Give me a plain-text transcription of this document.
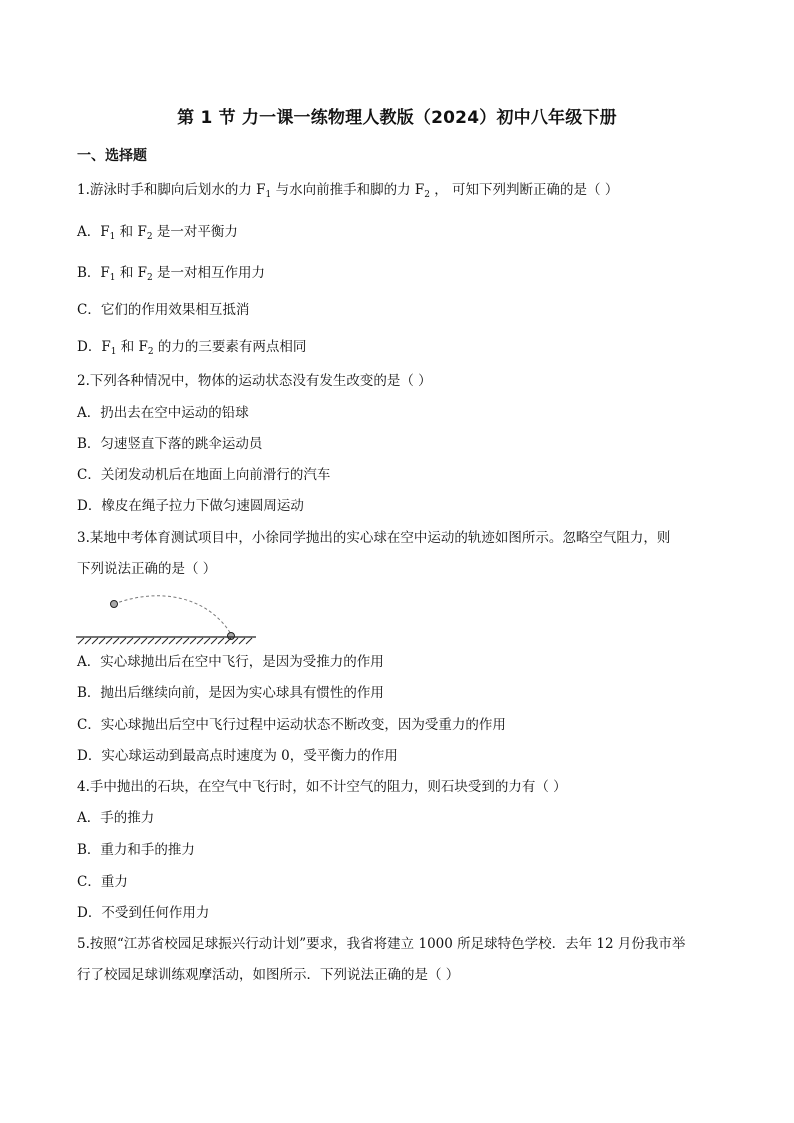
第 1 节 力一课一练物理人教版（2024）初中八年级下册
一、选择题
1.游泳时手和脚向后划水的力 $F_1$ 与水向前推手和脚的力 $F_2$ ， 可知下列判断正确的是（ ）
A．$F_1$ 和 $F_2$ 是一对平衡力
B．$F_1$ 和 $F_2$ 是一对相互作用力
C．它们的作用效果相互抵消
D．$F_1$ 和 $F_2$ 的力的三要素有两点相同
2.下列各种情况中，物体的运动状态没有发生改变的是（ ）
A．扔出去在空中运动的铅球
B．匀速竖直下落的跳伞运动员
C．关闭发动机后在地面上向前滑行的汽车
D．橡皮在绳子拉力下做匀速圆周运动
3.某地中考体育测试项目中，小徐同学抛出的实心球在空中运动的轨迹如图所示。忽略空气阻力，则
下列说法正确的是（ ）
A．实心球抛出后在空中飞行，是因为受推力的作用
B．抛出后继续向前，是因为实心球具有惯性的作用
C．实心球抛出后空中飞行过程中运动状态不断改变，因为受重力的作用
D．实心球运动到最高点时速度为 0，受平衡力的作用
4.手中抛出的石块，在空气中飞行时，如不计空气的阻力，则石块受到的力有（ ）
A．手的推力
B．重力和手的推力
C．重力
D．不受到任何作用力
5.按照“江苏省校园足球振兴行动计划”要求，我省将建立 1000 所足球特色学校．去年 12 月份我市举
行了校园足球训练观摩活动，如图所示．下列说法正确的是（ ）
